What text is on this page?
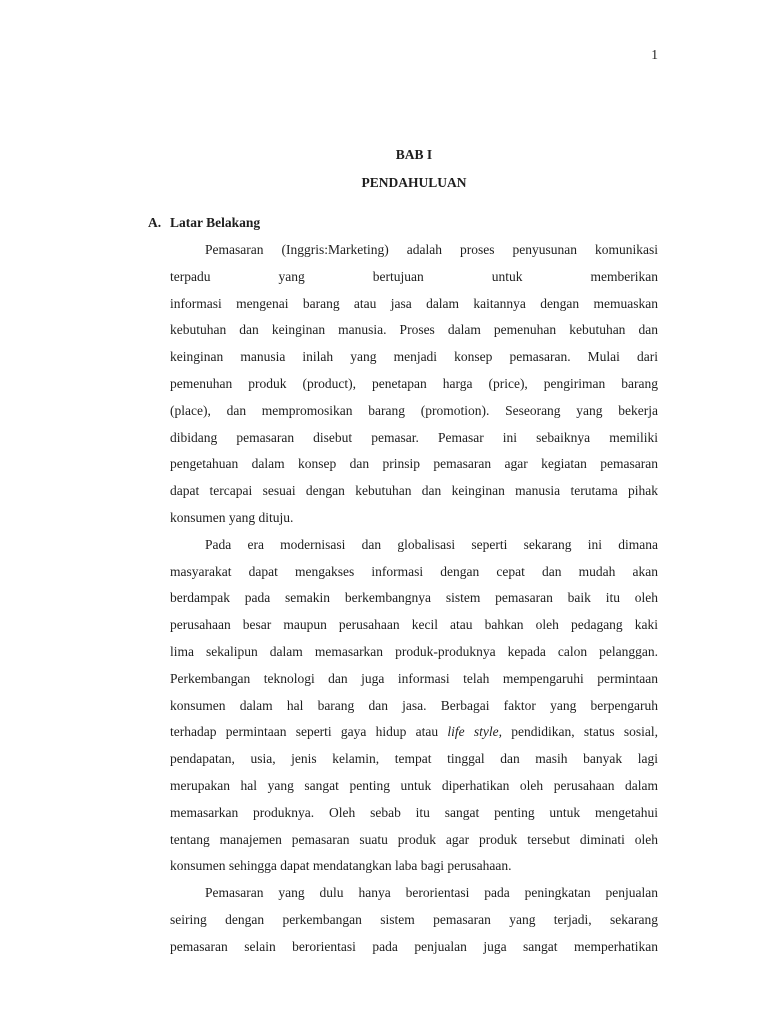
1
BAB I
PENDAHULUAN
A. Latar Belakang
Pemasaran (Inggris:Marketing) adalah proses penyusunan komunikasi
terpadu yang bertujuan untuk memberikan
informasi mengenai barang atau jasa dalam kaitannya dengan memuaskan
kebutuhan dan keinginan manusia. Proses dalam pemenuhan kebutuhan dan
keinginan manusia inilah yang menjadi konsep pemasaran. Mulai dari
pemenuhan produk (product), penetapan harga (price), pengiriman barang
(place), dan mempromosikan barang (promotion). Seseorang yang bekerja
dibidang pemasaran disebut pemasar. Pemasar ini sebaiknya memiliki
pengetahuan dalam konsep dan prinsip pemasaran agar kegiatan pemasaran
dapat tercapai sesuai dengan kebutuhan dan keinginan manusia terutama pihak
konsumen yang dituju.
Pada era modernisasi dan globalisasi seperti sekarang ini dimana
masyarakat dapat mengakses informasi dengan cepat dan mudah akan
berdampak pada semakin berkembangnya sistem pemasaran baik itu oleh
perusahaan besar maupun perusahaan kecil atau bahkan oleh pedagang kaki
lima sekalipun dalam memasarkan produk-produknya kepada calon pelanggan.
Perkembangan teknologi dan juga informasi telah mempengaruhi permintaan
konsumen dalam hal barang dan jasa. Berbagai faktor yang berpengaruh
terhadap permintaan seperti gaya hidup atau life style, pendidikan, status sosial,
pendapatan, usia, jenis kelamin, tempat tinggal dan masih banyak lagi
merupakan hal yang sangat penting untuk diperhatikan oleh perusahaan dalam
memasarkan produknya. Oleh sebab itu sangat penting untuk mengetahui
tentang manajemen pemasaran suatu produk agar produk tersebut diminati oleh
konsumen sehingga dapat mendatangkan laba bagi perusahaan.
Pemasaran yang dulu hanya berorientasi pada peningkatan penjualan
seiring dengan perkembangan sistem pemasaran yang terjadi, sekarang
pemasaran selain berorientasi pada penjualan juga sangat memperhatikan
